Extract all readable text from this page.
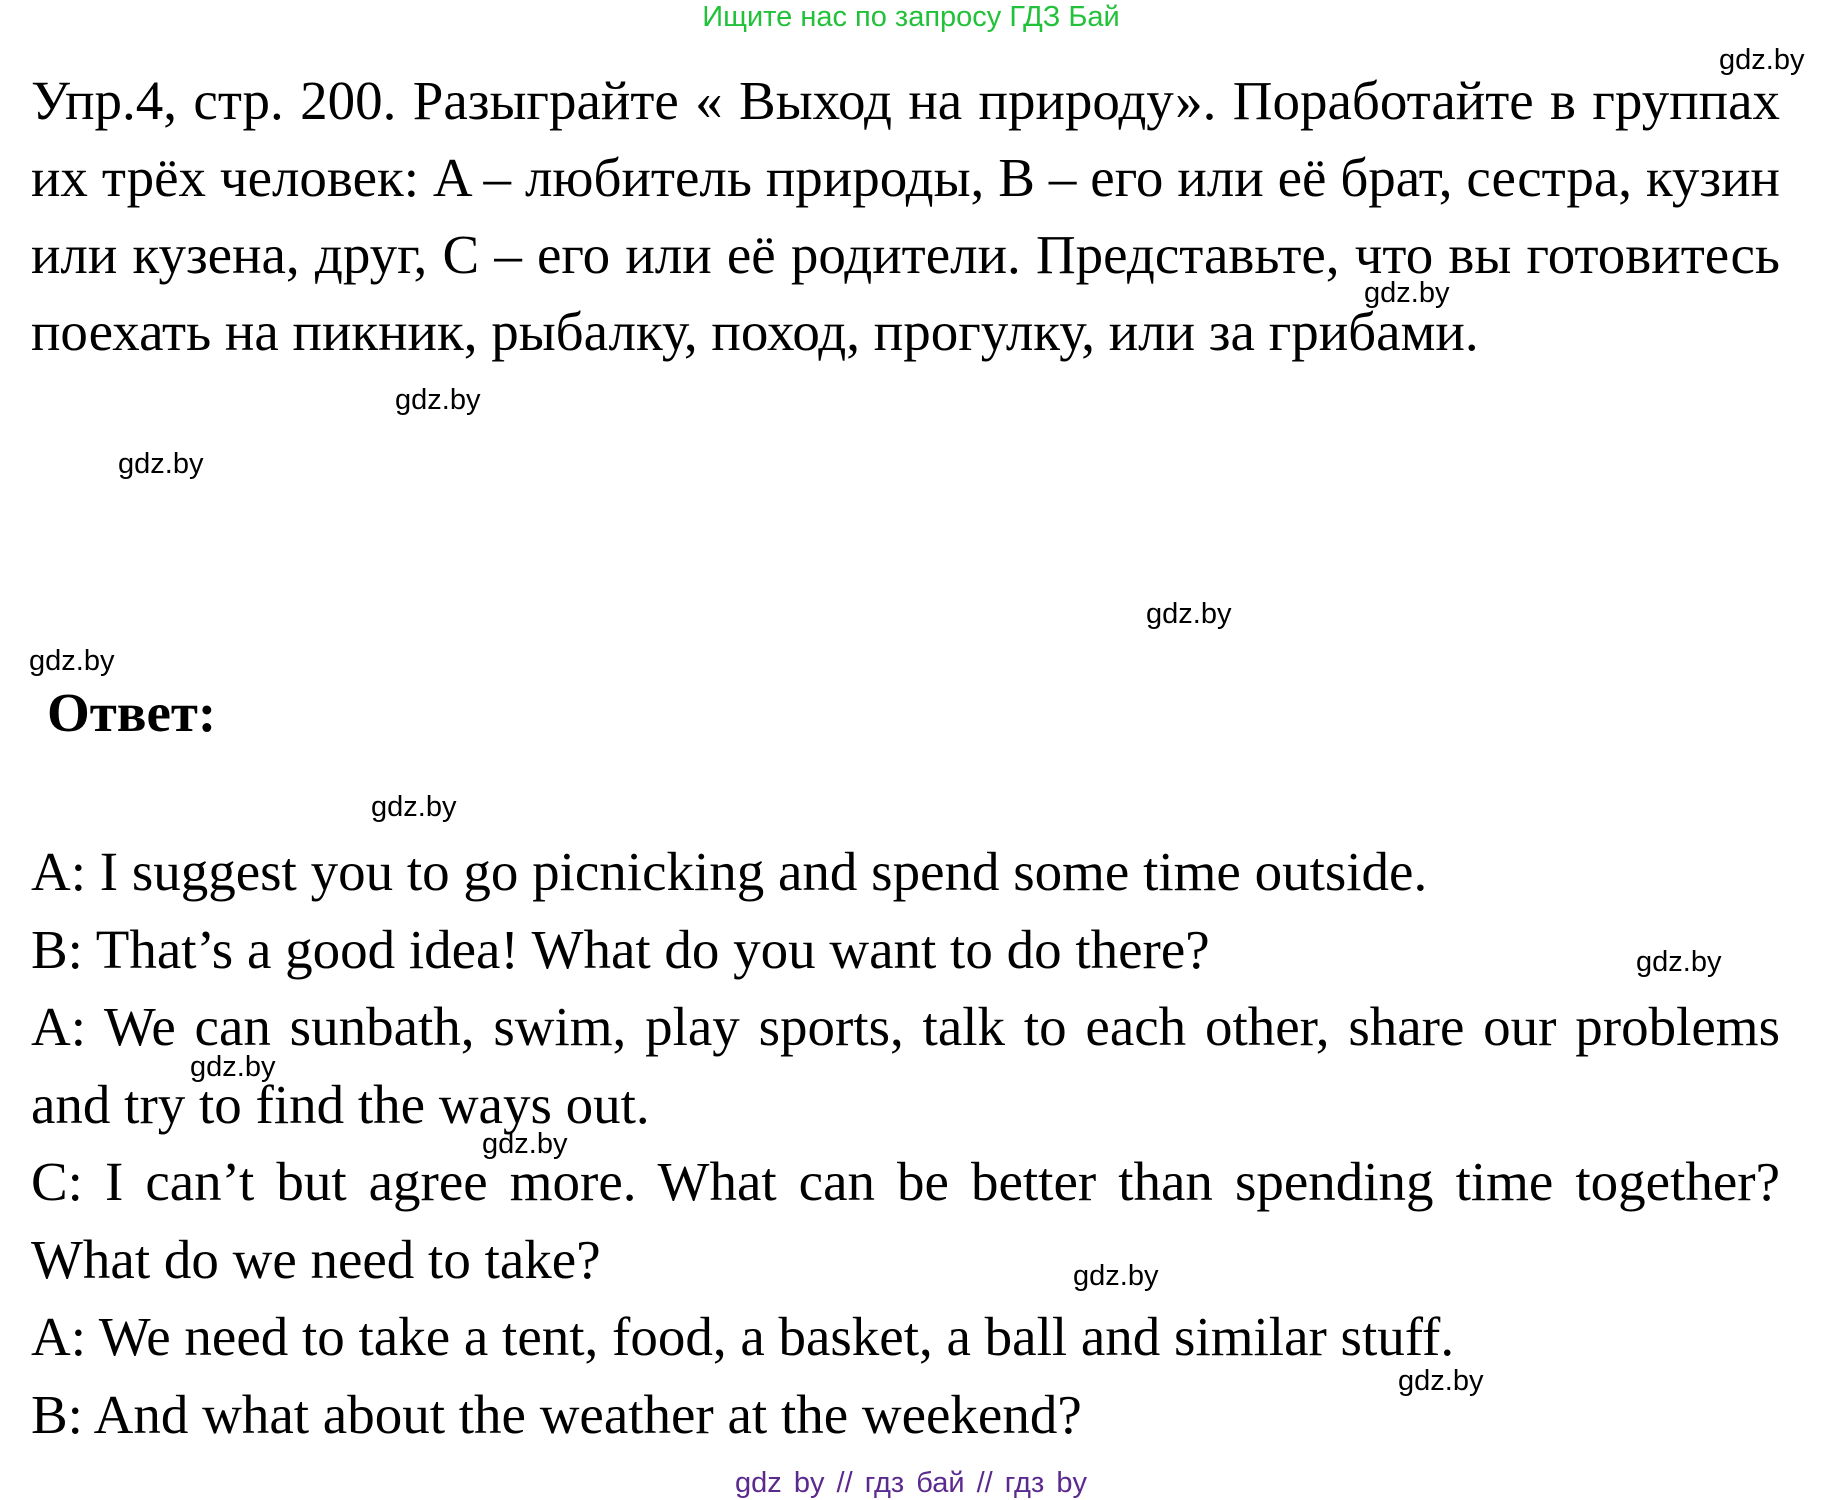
Ищите нас по запросу ГДЗ Бай
Упр.4, стр. 200. Разыграйте « Выход на природу». Поработайте в группах их трёх человек: A – любитель природы, B – его или её брат, сестра, кузин или кузена, друг, C – его или её родители. Представьте, что вы готовитесь поехать на пикник, рыбалку, поход, прогулку, или за грибами.
Ответ:
A: I suggest you to go picnicking and spend some time outside.
B: That’s a good idea! What do you want to do there?
A: We can sunbath, swim, play sports, talk to each other, share our problems and try to find the ways out.
C: I can’t but agree more. What can be better than spending time together? What do we need to take?
A: We need to take a tent, food, a basket, a ball and similar stuff.
B: And what about the weather at the weekend?
gdz.by
gdz.by
gdz.by
gdz.by
gdz.by
gdz.by
gdz.by
gdz.by
gdz.by
gdz.by
gdz.by
gdz.by
gdz by // гдз бай // гдз by
